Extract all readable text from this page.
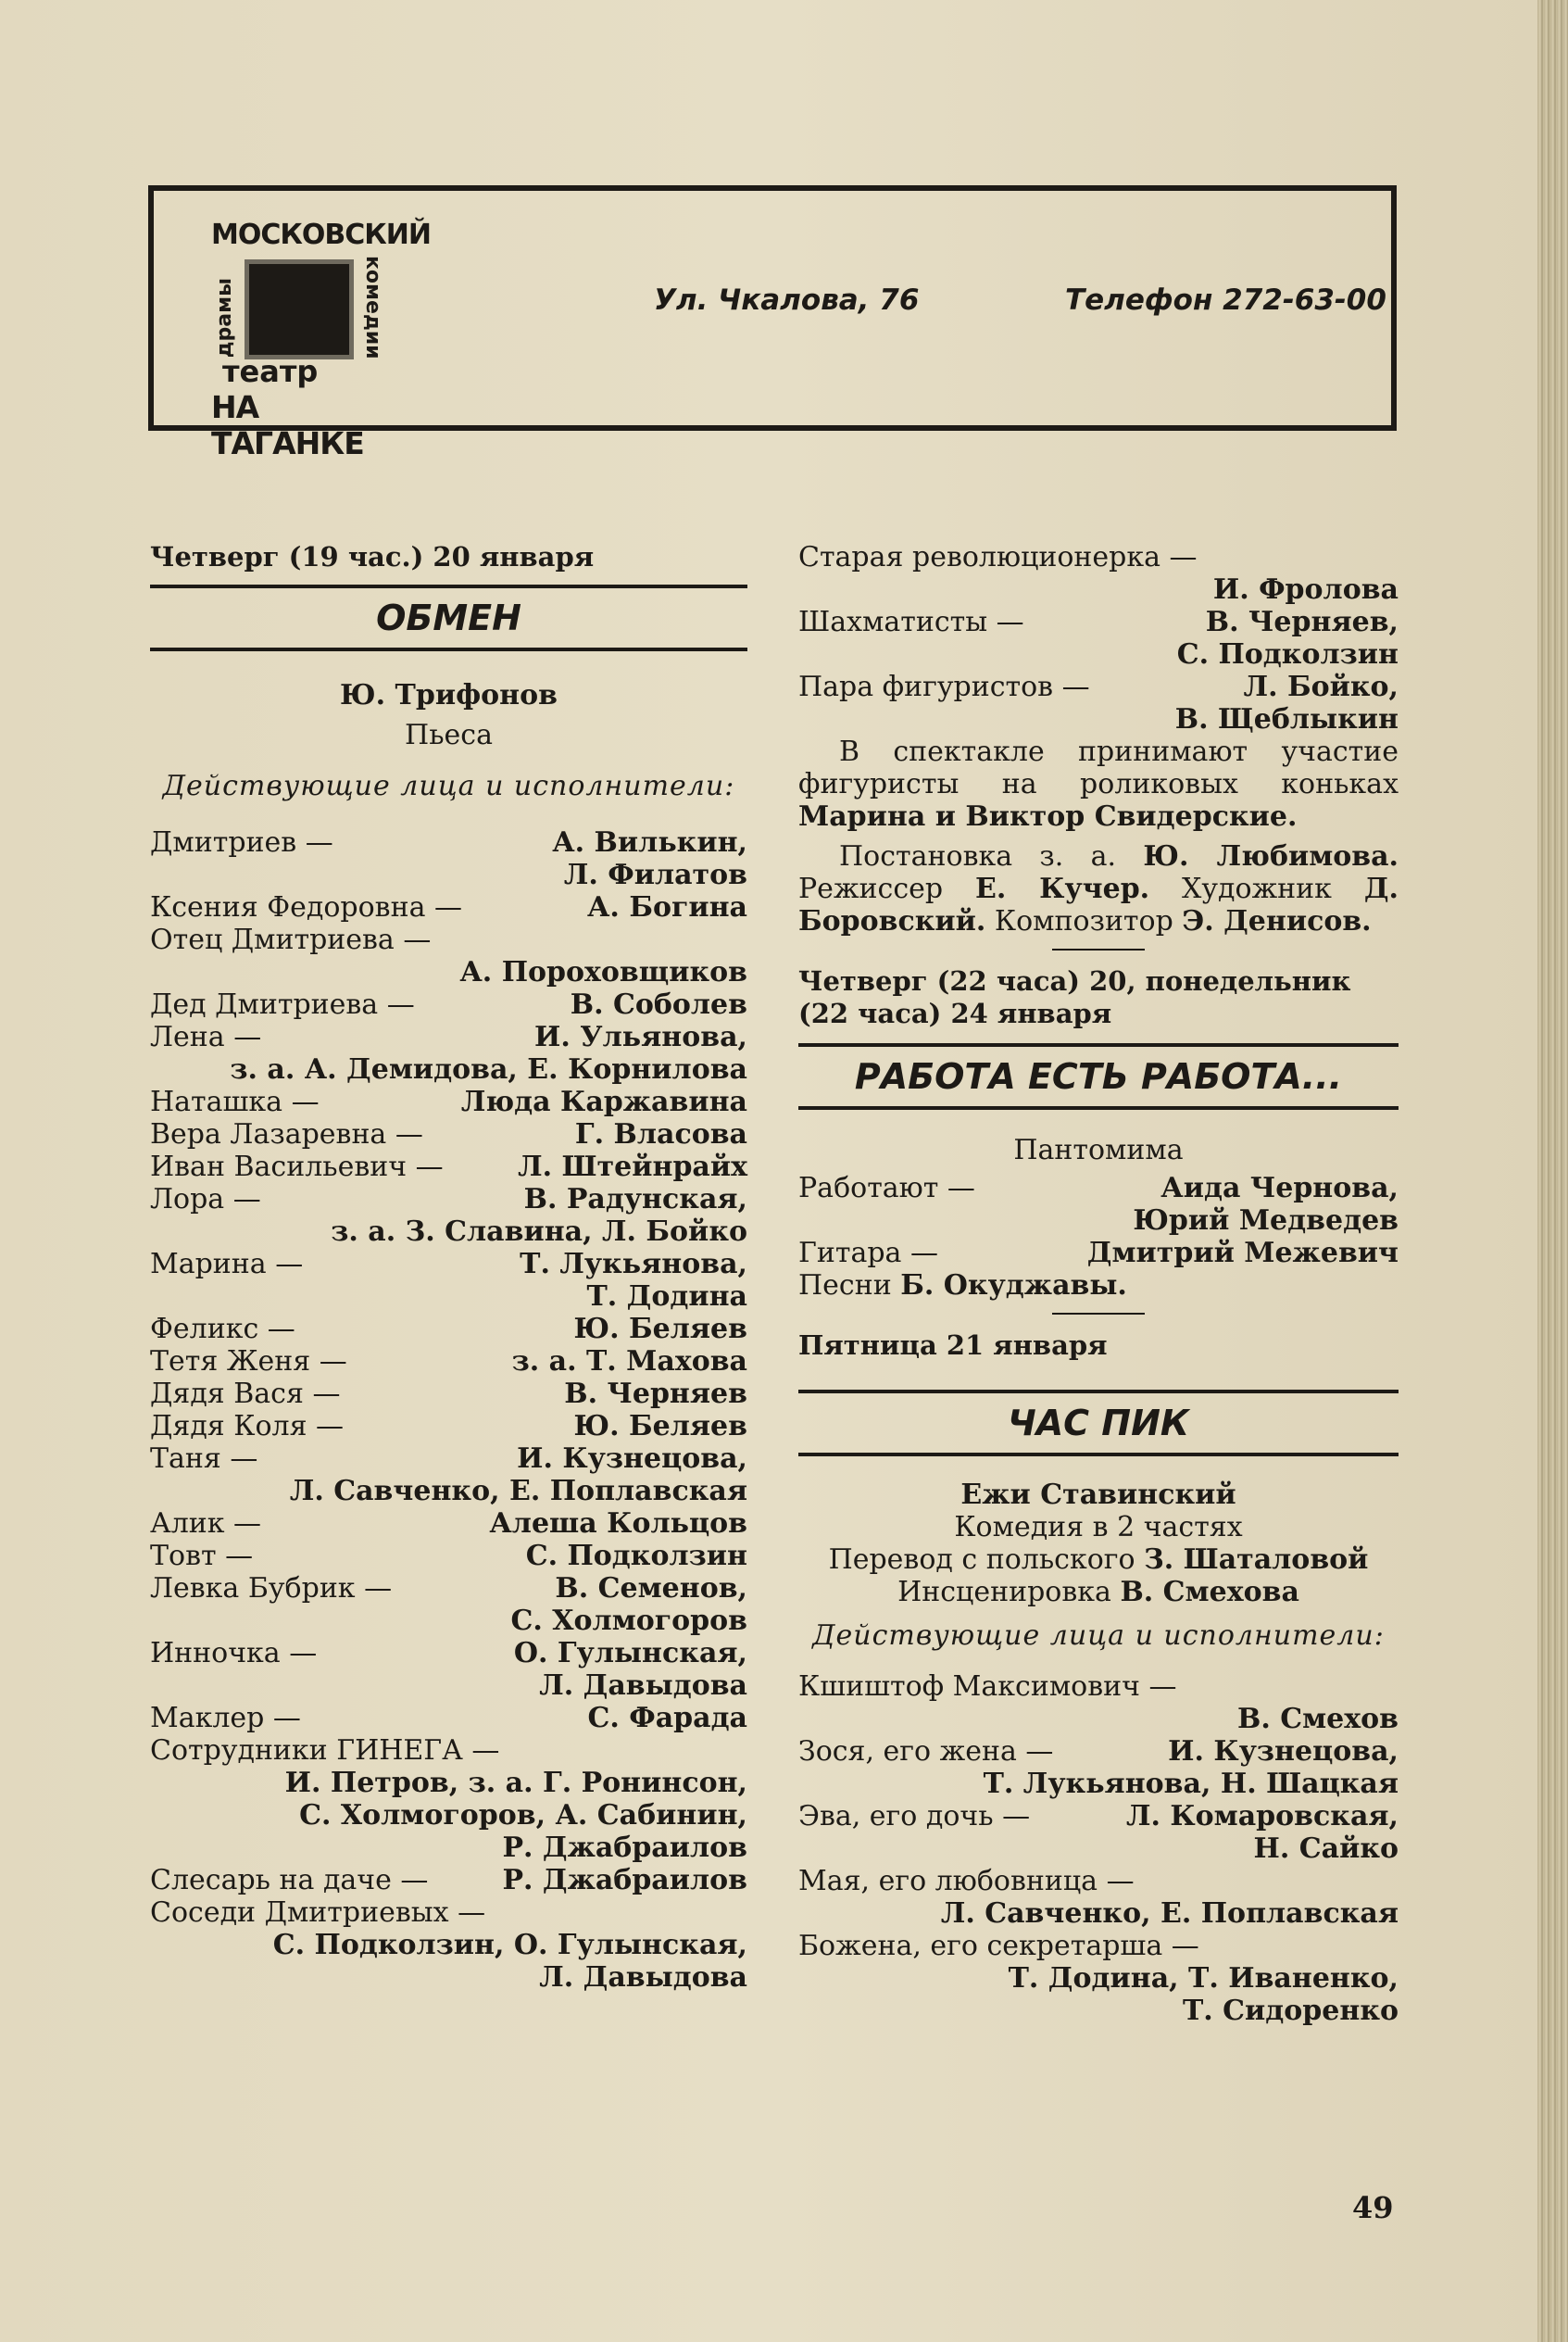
МОСКОВСКИЙ
драмы	комедии
театр
НА ТАГАНКЕ
Ул. Чкалова, 76	Телефон 272-63-00

Четверг (19 час.) 20 января

ОБМЕН
Ю. Трифонов
Пьеса
Действующие лица и исполнители:
Дмитриев —	А. Вилькин,
Л. Филатов
Ксения Федоровна —	А. Богина
Отец Дмитриева —
А. Пороховщиков
Дед Дмитриева —	В. Соболев
Лена —	И. Ульянова,
з. а. А. Демидова, Е. Корнилова
Наташка —	Люда Каржавина
Вера Лазаревна —	Г. Власова
Иван Васильевич —	Л. Штейнрайх
Лора —	В. Радунская,
з. а. З. Славина, Л. Бойко
Марина —	Т. Лукьянова,
Т. Додина
Феликс —	Ю. Беляев
Тетя Женя —	з. а. Т. Махова
Дядя Вася —	В. Черняев
Дядя Коля —	Ю. Беляев
Таня —	И. Кузнецова,
Л. Савченко, Е. Поплавская
Алик —	Алеша Кольцов
Товт —	С. Подколзин
Левка Бубрик —	В. Семенов,
С. Холмогоров
Инночка —	О. Гулынская,
Л. Давыдова
Маклер —	С. Фарада
Сотрудники ГИНЕГА —
И. Петров, з. а. Г. Ронинсон,
С. Холмогоров, А. Сабинин,
Р. Джабраилов
Слесарь на даче —	Р. Джабраилов
Соседи Дмитриевых —
С. Подколзин, О. Гулынская,
Л. Давыдова
Старая революционерка —
И. Фролова
Шахматисты —	В. Черняев,
С. Подколзин
Пара фигуристов —	Л. Бойко,
В. Щеблыкин
В спектакле принимают участие фигуристы на роликовых коньках Марина и Виктор Свидерские.
Постановка з. а. Ю. Любимова. Режиссер Е. Кучер. Художник Д. Боровский. Композитор Э. Денисов.

Четверг (22 часа) 20, понедельник (22 часа) 24 января

РАБОТА ЕСТЬ РАБОТА...
Пантомима
Работают —	Аида Чернова,
Юрий Медведев
Гитара —	Дмитрий Межевич
Песни Б. Окуджавы.

Пятница 21 января

ЧАС ПИК
Ежи Ставинский
Комедия в 2 частях
Перевод с польского З. Шаталовой
Инсценировка В. Смехова
Действующие лица и исполнители:
Кшиштоф Максимович —
В. Смехов
Зося, его жена —	И. Кузнецова,
Т. Лукьянова, Н. Шацкая
Эва, его дочь —	Л. Комаровская,
Н. Сайко
Мая, его любовница —
Л. Савченко, Е. Поплавская
Божена, его секретарша —
Т. Додина, Т. Иваненко,
Т. Сидоренко
49
